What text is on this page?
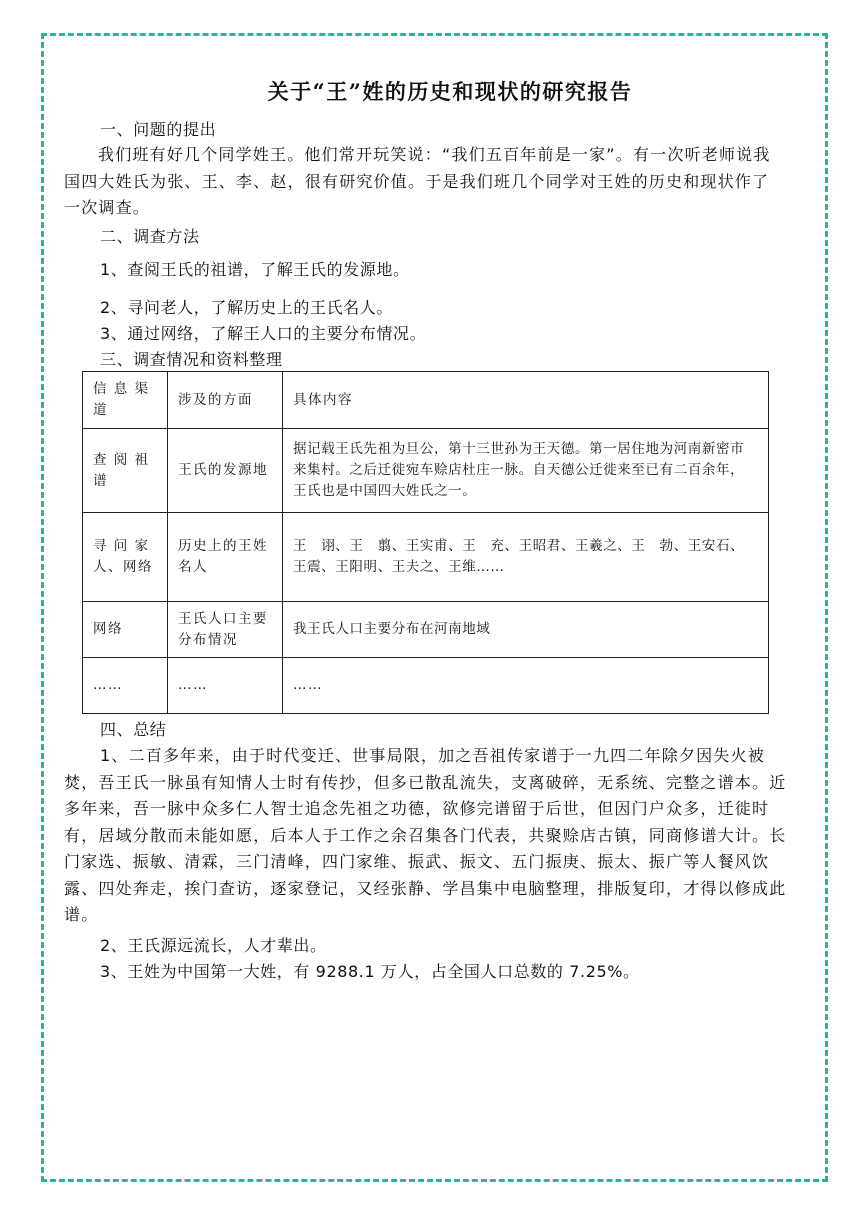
关于“王”姓的历史和现状的研究报告
一、问题的提出
我们班有好几个同学姓王。他们常开玩笑说：“我们五百年前是一家”。有一次听老师说我国四大姓氏为张、王、李、赵，很有研究价值。于是我们班几个同学对王姓的历史和现状作了一次调查。
二、调查方法
1、查阅王氏的祖谱，了解王氏的发源地。
2、寻问老人，了解历史上的王氏名人。
3、通过网络，了解王人口的主要分布情况。
三、调查情况和资料整理
信 息 渠 道	涉及的方面	具体内容
查 阅 祖 谱	王氏的发源地	据记载王氏先祖为旦公，第十三世孙为王天德。第一居住地为河南新密市来集村。之后迁徙宛车赊店杜庄一脉。自天德公迁徙来至已有二百余年，王氏也是中国四大姓氏之一。
寻 问 家 人、网络	历史上的王姓名人	王　诩、王　翦、王实甫、王　充、王昭君、王羲之、王　勃、王安石、王震、王阳明、王夫之、王维……
网络	王氏人口主要分布情况	我王氏人口主要分布在河南地域
……	……	……
四、总结
1、二百多年来，由于时代变迁、世事局限，加之吾祖传家谱于一九四二年除夕因失火被焚，吾王氏一脉虽有知情人士时有传抄，但多已散乱流失，支离破碎，无系统、完整之谱本。近多年来，吾一脉中众多仁人智士追念先祖之功德，欲修完谱留于后世，但因门户众多，迁徙时有，居域分散而未能如愿，后本人于工作之余召集各门代表，共聚赊店古镇，同商修谱大计。长门家选、振敏、清霖，三门清峰，四门家维、振武、振文、五门振庚、振太、振广等人餐风饮露、四处奔走，挨门查访，逐家登记，又经张静、学昌集中电脑整理，排版复印，才得以修成此谱。
2、王氏源远流长，人才辈出。
3、王姓为中国第一大姓，有 9288.1 万人，占全国人口总数的 7.25%。
